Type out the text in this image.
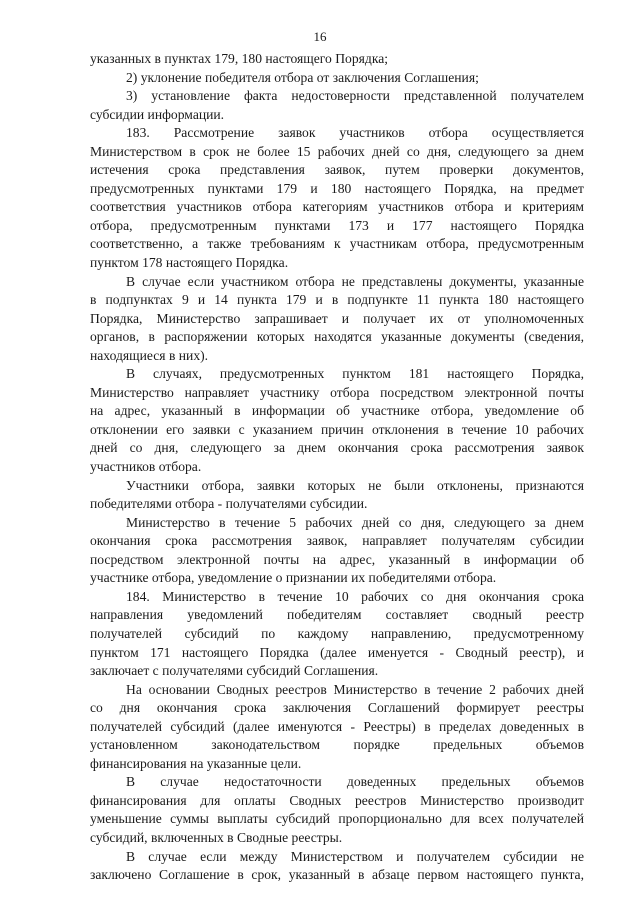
16
указанных в пунктах 179, 180 настоящего Порядка;
2) уклонение победителя отбора от заключения Соглашения;
3) установление факта недостоверности представленной получателем
субсидии информации.
183. Рассмотрение заявок участников отбора осуществляется
Министерством в срок не более 15 рабочих дней со дня, следующего за днем
истечения срока представления заявок, путем проверки документов,
предусмотренных пунктами 179 и 180 настоящего Порядка, на предмет
соответствия участников отбора категориям участников отбора и критериям
отбора, предусмотренным пунктами 173 и 177 настоящего Порядка
соответственно, а также требованиям к участникам отбора, предусмотренным
пунктом 178 настоящего Порядка.
В случае если участником отбора не представлены документы, указанные
в подпунктах 9 и 14 пункта 179 и в подпункте 11 пункта 180 настоящего
Порядка, Министерство запрашивает и получает их от уполномоченных
органов, в распоряжении которых находятся указанные документы (сведения,
находящиеся в них).
В случаях, предусмотренных пунктом 181 настоящего Порядка,
Министерство направляет участнику отбора посредством электронной почты
на адрес, указанный в информации об участнике отбора, уведомление об
отклонении его заявки с указанием причин отклонения в течение 10 рабочих
дней со дня, следующего за днем окончания срока рассмотрения заявок
участников отбора.
Участники отбора, заявки которых не были отклонены, признаются
победителями отбора - получателями субсидии.
Министерство в течение 5 рабочих дней со дня, следующего за днем
окончания срока рассмотрения заявок, направляет получателям субсидии
посредством электронной почты на адрес, указанный в информации об
участнике отбора, уведомление о признании их победителями отбора.
184. Министерство в течение 10 рабочих со дня окончания срока
направления уведомлений победителям составляет сводный реестр
получателей субсидий по каждому направлению, предусмотренному
пунктом 171 настоящего Порядка (далее именуется - Сводный реестр), и
заключает с получателями субсидий Соглашения.
На основании Сводных реестров Министерство в течение 2 рабочих дней
со дня окончания срока заключения Соглашений формирует реестры
получателей субсидий (далее именуются - Реестры) в пределах доведенных в
установленном законодательством порядке предельных объемов
финансирования на указанные цели.
В случае недостаточности доведенных предельных объемов
финансирования для оплаты Сводных реестров Министерство производит
уменьшение суммы выплаты субсидий пропорционально для всех получателей
субсидий, включенных в Сводные реестры.
В случае если между Министерством и получателем субсидии не
заключено Соглашение в срок, указанный в абзаце первом настоящего пункта,
